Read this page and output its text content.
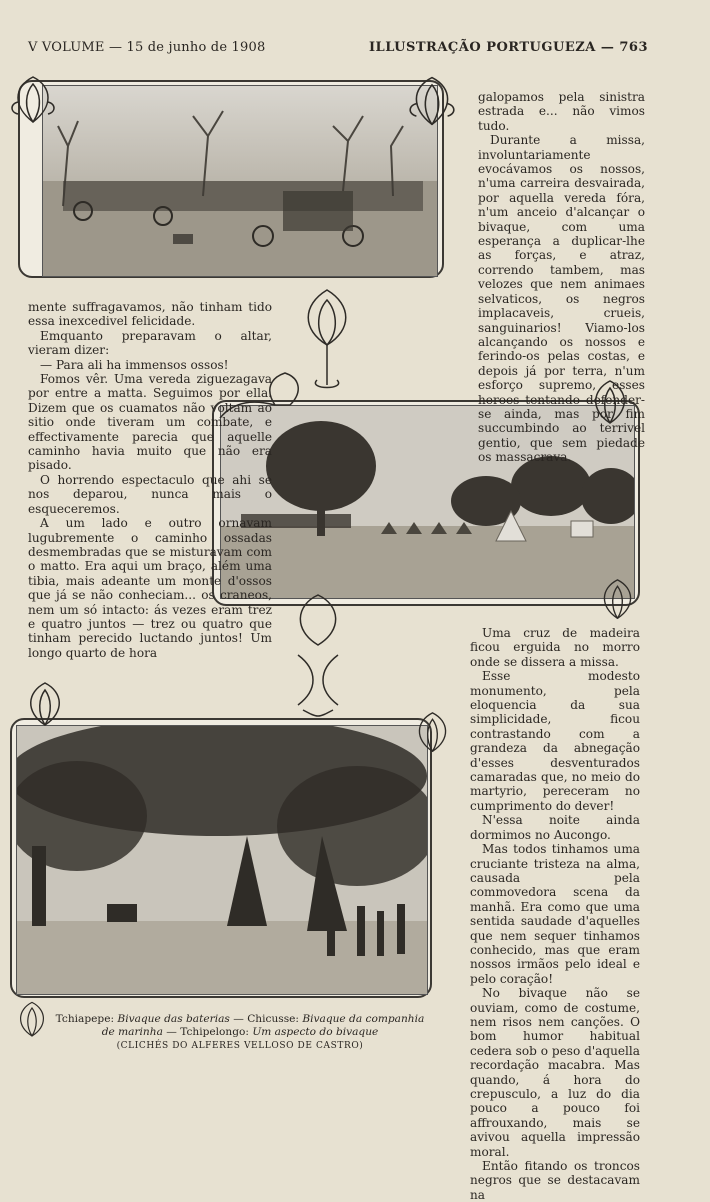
V VOLUME — 15 de junho de 1908	ILLUSTRAÇÃO PORTUGUEZA — 763

galopamos pela sinistra estrada e... não vimos tudo.

Durante a missa, involuntariamente evocávamos os nossos, n'uma carreira desvairada, por aquella vereda fóra, n'um anceio d'alcançar o bivaque, com uma esperança a duplicar-lhe as forças, e atraz, correndo tambem, mas velozes que nem animaes selvaticos, os negros implacaveis, crueis, sanguinarios! Viamo-los alcançando os nossos e ferindo-os pelas costas, e depois já por terra, n'um esforço supremo, esses heroes tentando defender-se ainda, mas por fim succumbindo ao terrivel gentio, que sem piedade os massacrava.

mente suffragavamos, não tinham tido essa inexcedivel felicidade.

Emquanto preparavam o altar, vieram dizer:

— Para ali ha immensos ossos!

Fomos vêr. Uma vereda ziguezagava por entre a matta. Seguimos por ella. Dizem que os cuamatos não voltam ao sitio onde tiveram um combate, e effectivamente parecia que aquelle caminho havia muito que não era pisado.

O horrendo espectaculo que ahi se nos deparou, nunca mais o esqueceremos.

A um lado e outro ornavam lugubremente o caminho ossadas desmembradas que se misturavam com o matto. Era aqui um braço, além uma tibia, mais adeante um monte d'ossos que já se não conheciam... os craneos, nem um só intacto: ás vezes eram trez e quatro juntos — trez ou quatro que tinham perecido luctando juntos! Um longo quarto de hora

Uma cruz de madeira ficou erguida no morro onde se dissera a missa.

Esse modesto monumento, pela eloquencia da sua simplicidade, ficou contrastando com a grandeza da abnegação d'esses desventurados camaradas que, no meio do martyrio, pereceram no cumprimento do dever!

N'essa noite ainda dormimos no Aucongo.

Mas todos tinhamos uma cruciante tristeza na alma, causada pela commovedora scena da manhã. Era como que uma sentida saudade d'aquelles que nem sequer tinhamos conhecido, mas que eram nossos irmãos pelo ideal e pelo coração!

No bivaque não se ouviam, como de costume, nem risos nem canções. O bom humor habitual cedera sob o peso d'aquella recordação macabra. Mas quando, á hora do crepusculo, a luz do dia pouco a pouco foi affrouxando, mais se avivou aquella impressão moral.

Então fitando os troncos negros que se destacavam na

Tchiapepe: Bivaque das baterias — Chicusse: Bivaque da companhia de marinha — Tchipelongo: Um aspecto do bivaque
(CLICHÉS DO ALFERES VELLOSO DE CASTRO)
